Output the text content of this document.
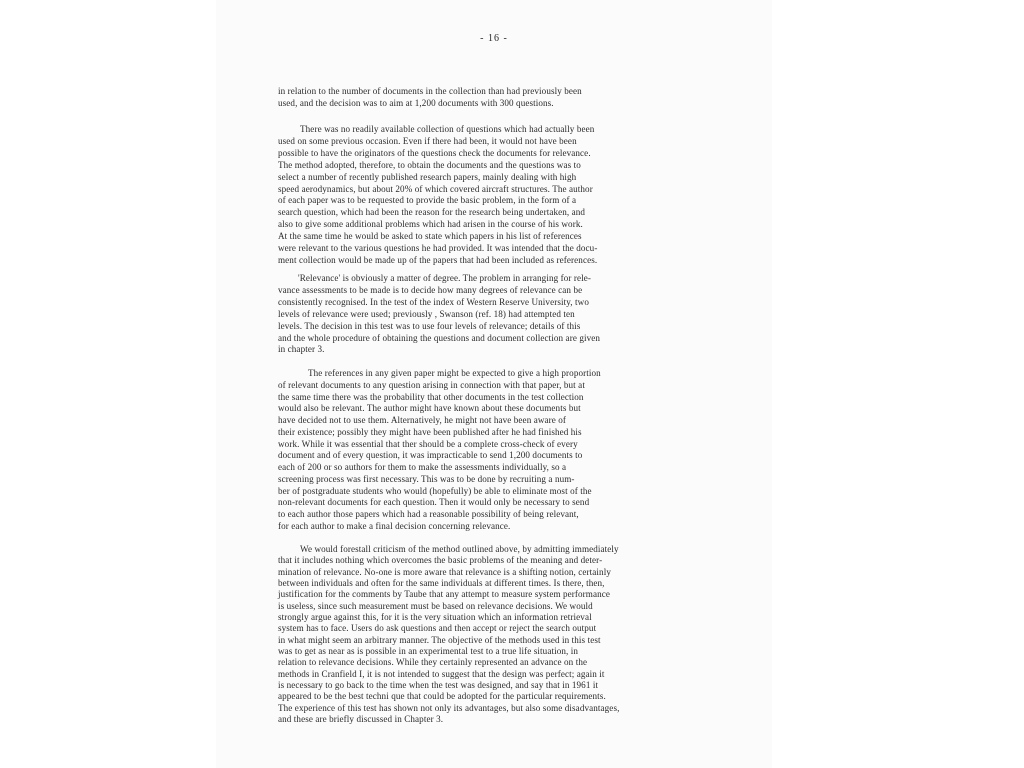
- 16 -
in relation to the number of documents in the collection than had previously been
used, and the decision was to aim at 1,200 documents with 300 questions.
There was no readily available collection of questions which had actually been
used on some previous occasion. Even if there had been, it would not have been
possible to have the originators of the questions check the documents for relevance.
The method adopted, therefore, to obtain the documents and the questions was to
select a number of recently published research papers, mainly dealing with high
speed aerodynamics, but about 20% of which covered aircraft structures. The author
of each paper was to be requested to provide the basic problem, in the form of a
search question, which had been the reason for the research being undertaken, and
also to give some additional problems which had arisen in the course of his work.
At the same time he would be asked to state which papers in his list of references
were relevant to the various questions he had provided. It was intended that the docu-
ment collection would be made up of the papers that had been included as references.
'Relevance' is obviously a matter of degree. The problem in arranging for rele-
vance assessments to be made is to decide how many degrees of relevance can be
consistently recognised. In the test of the index of Western Reserve University, two
levels of relevance were used; previously , Swanson (ref. 18) had attempted ten
levels. The decision in this test was to use four levels of relevance; details of this
and the whole procedure of obtaining the questions and document collection are given
in chapter 3.
The references in any given paper might be expected to give a high proportion
of relevant documents to any question arising in connection with that paper, but at
the same time there was the probability that other documents in the test collection
would also be relevant. The author might have known about these documents but
have decided not to use them. Alternatively, he might not have been aware of
their existence; possibly they might have been published after he had finished his
work. While it was essential that ther should be a complete cross-check of every
document and of every question, it was impracticable to send 1,200 documents to
each of 200 or so authors for them to make the assessments individually, so a
screening process was first necessary. This was to be done by recruiting a num-
ber of postgraduate students who would (hopefully) be able to eliminate most of the
non-relevant documents for each question. Then it would only be necessary to send
to each author those papers which had a reasonable possibility of being relevant,
for each author to make a final decision concerning relevance.
We would forestall criticism of the method outlined above, by admitting immediately
that it includes nothing which overcomes the basic problems of the meaning and deter-
mination of relevance. No-one is more aware that relevance is a shifting notion, certainly
between individuals and often for the same individuals at different times. Is there, then,
justification for the comments by Taube that any attempt to measure system performance
is useless, since such measurement must be based on relevance decisions. We would
strongly argue against this, for it is the very situation which an information retrieval
system has to face. Users do ask questions and then accept or reject the search output
in what might seem an arbitrary manner. The objective of the methods used in this test
was to get as near as is possible in an experimental test to a true life situation, in
relation to relevance decisions. While they certainly represented an advance on the
methods in Cranfield I, it is not intended to suggest that the design was perfect; again it
is necessary to go back to the time when the test was designed, and say that in 1961 it
appeared to be the best techni que that could be adopted for the particular requirements.
The experience of this test has shown not only its advantages, but also some disadvantages,
and these are briefly discussed in Chapter 3.
